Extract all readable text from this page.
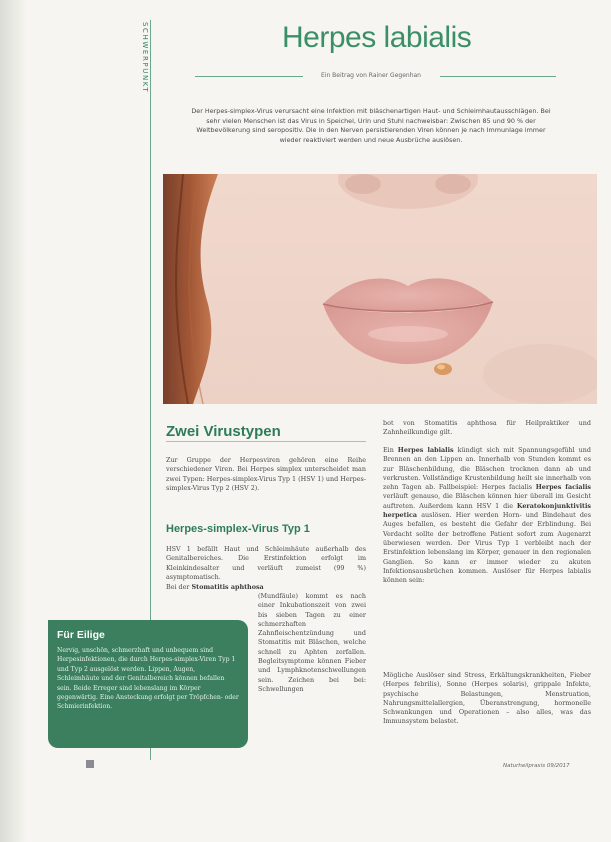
SCHWERPUNKT	Herpes labialis
Ein Beitrag von Rainer Gegenhan
Der Herpes-simplex-Virus verursacht eine Infektion mit bläschenartigen Haut- und Schleimhautausschlägen. Bei sehr vielen Menschen ist das Virus in Speichel, Urin und Stuhl nachweisbar: Zwischen 85 und 90 % der Weltbevölkerung sind seropositiv. Die in den Nerven persistierenden Viren können je nach Immunlage immer wieder reaktiviert werden und neue Ausbrüche auslösen.
Zwei Virustypen
Zur Gruppe der Herpesviren gehören eine Reihe verschiedener Viren. Bei Herpes simplex unterscheidet man zwei Typen: Herpes-simplex-Virus Typ 1 (HSV 1) und Herpes-simplex-Virus Typ 2 (HSV 2).
Herpes-simplex-Virus Typ 1
HSV 1 befällt Haut und Schleimhäute außerhalb des Genitalbereiches. Die Erstinfektion erfolgt im Kleinkindesalter und verläuft zumeist (99 %) asymptomatisch.
Bei der Stomatitis aphthosa
(Mundfäule) kommt es nach einer Inkubationszeit von zwei bis sieben Tagen zu einer schmerzhaften Zahnfleischentzündung und Stomatitis mit Bläschen, welche schnell zu Aphten zerfallen. Begleitsymptome können Fieber und Lymphknotenschwellungen sein. Zeichen bei bei: Schwellungen
bot von Stomatitis aphthosa für Heilpraktiker und Zahnheilkundige gilt.
Ein Herpes labialis kündigt sich mit Spannungsgefühl und Brennen an den Lippen an. Innerhalb von Stunden kommt es zur Bläschenbildung, die Bläschen trocknen dann ab und verkrusten. Vollständige Krustenbildung heilt sie innerhalb von zehn Tagen ab. Fallbeispiel: Herpes facialis Herpes facialis verläuft genauso, die Bläschen können hier überall im Gesicht auftreten. Außerdem kann HSV 1 die Keratokonjunktivitis herpetica auslösen. Hier werden Horn- und Bindehaut des Auges befallen, es besteht die Gefahr der Erblindung. Bei Verdacht sollte der betroffene Patient sofort zum Augenarzt überwiesen werden. Der Virus Typ 1 verbleibt nach der Erstinfektion lebenslang im Körper, genauer in den regionalen Ganglien. So kann er immer wieder zu akuten Infektionsausbrüchen kommen. Auslöser für Herpes labialis können sein:
Mögliche Auslöser sind Stress, Erkältungskrankheiten, Fieber (Herpes febrilis), Sonne (Herpes solaris), grippale Infekte, psychische Belastungen, Menstruation, Nahrungsmittelallergien, Überanstrengung, hormonelle Schwankungen und Operationen – also alles, was das Immunsystem belastet.
Für Eilige

Nervig, unschön, schmerzhaft und unbequem sind Herpesinfektionen, die durch Herpes-simplex-Viren Typ 1 und Typ 2 ausgelöst werden. Lippen, Augen, Schleimhäute und der Genitalbereich können befallen sein. Beide Erreger sind lebenslang im Körper gegenwärtig. Eine Ansteckung erfolgt per Tröpfchen- oder Schmierinfektion.

Naturheilpraxis 09/2017
